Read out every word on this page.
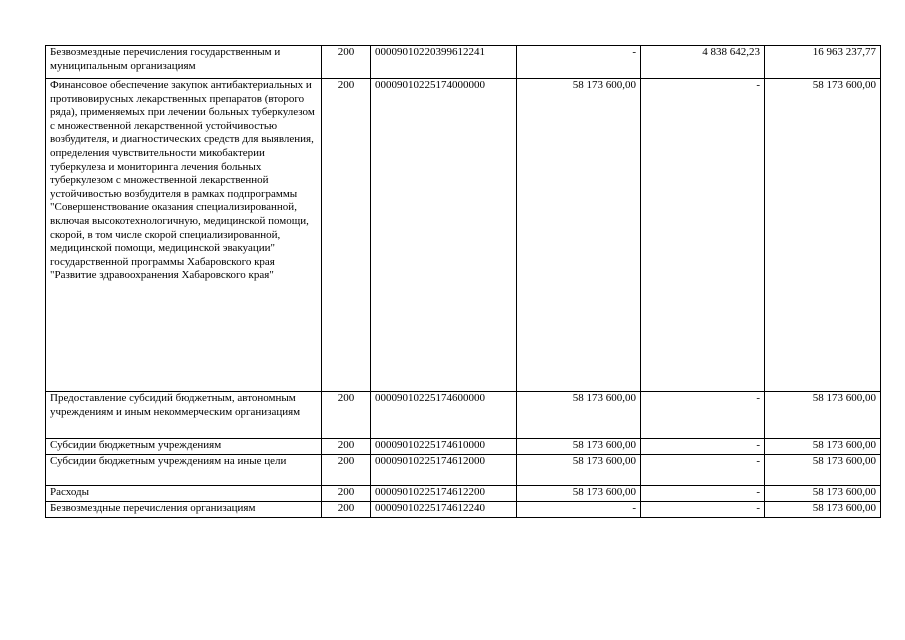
Безвозмездные перечисления государственным и муниципальным организациям	200	00009010220399612241	-	4 838 642,23	16 963 237,77
Финансовое обеспечение закупок антибактериальных и противовирусных лекарственных препаратов (второго ряда), применяемых при лечении больных туберкулезом с множественной лекарственной устойчивостью возбудителя, и диагностических средств для выявления, определения чувствительности микобактерии туберкулеза и мониторинга лечения больных туберкулезом с множественной лекарственной устойчивостью возбудителя в рамках подпрограммы "Совершенствование оказания специализированной, включая высокотехнологичную, медицинской помощи, скорой, в том числе скорой специализированной, медицинской помощи, медицинской эвакуации" государственной программы Хабаровского края "Развитие здравоохранения Хабаровского края"	200	00009010225174000000	58 173 600,00	-	58 173 600,00
Предоставление субсидий бюджетным, автономным учреждениям и иным некоммерческим организациям	200	00009010225174600000	58 173 600,00	-	58 173 600,00
Субсидии бюджетным учреждениям	200	00009010225174610000	58 173 600,00	-	58 173 600,00
Субсидии бюджетным учреждениям на иные цели	200	00009010225174612000	58 173 600,00	-	58 173 600,00
Расходы	200	00009010225174612200	58 173 600,00	-	58 173 600,00
Безвозмездные перечисления организациям	200	00009010225174612240	-	-	58 173 600,00
